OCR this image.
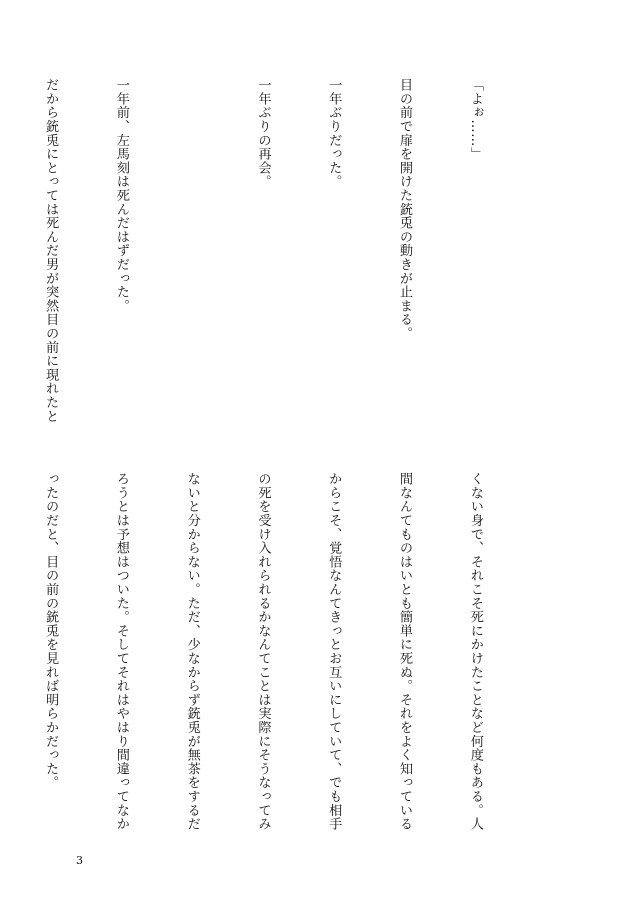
「よぉ……」

目の前で扉を開けた銃兎の動きが止まる。

一年ぶりだった。

一年ぶりの再会。

一年前、左馬刻は死んだはずだった。

だから銃兎にとっては死んだ男が突然目の前に現れたと

くない身で、それこそ死にかけたことなど何度もある。人

間なんてものはいとも簡単に死ぬ。それをよく知っている

からこそ、覚悟なんてきっとお互いにしていて、でも相手

の死を受け入れられるかなんてことは実際にそうなってみ

ないと分からない。ただ、少なからず銃兎が無茶をするだ

ろうとは予想はついた。そしてそれはやはり間違ってなか

ったのだと、目の前の銃兎を見れば明らかだった。

3
